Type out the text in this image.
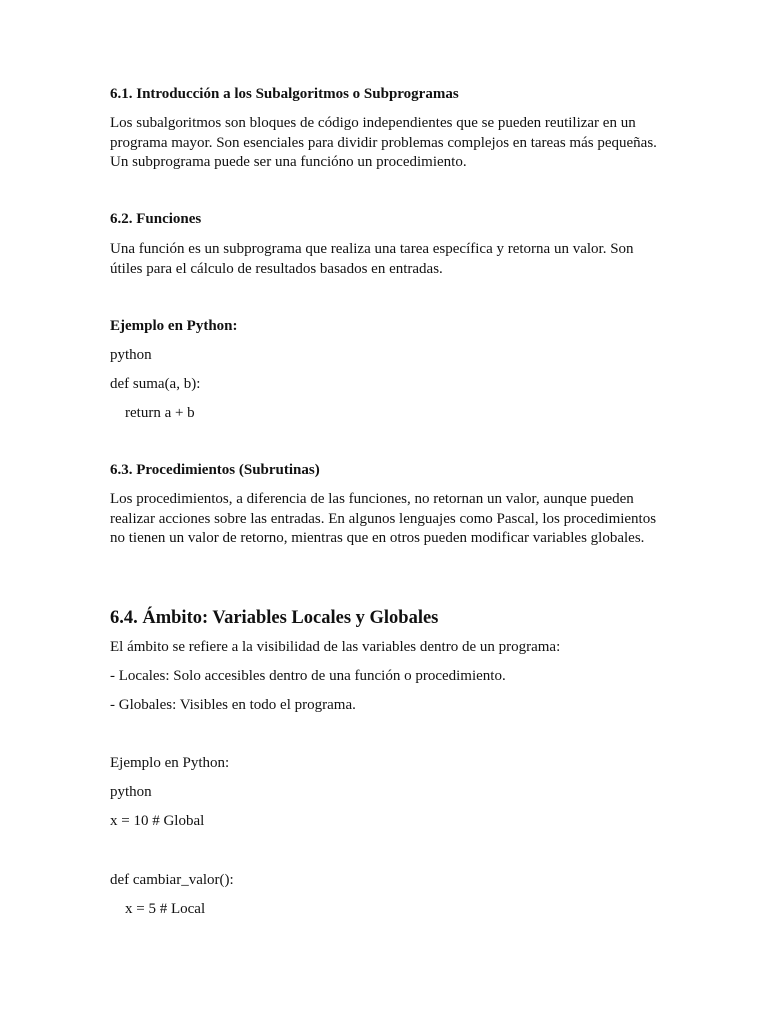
6.1. Introducción a los Subalgoritmos o Subprogramas

Los subalgoritmos son bloques de código independientes que se pueden reutilizar en un programa mayor. Son esenciales para dividir problemas complejos en tareas más pequeñas. Un subprograma puede ser una funcióno un procedimiento.

6.2. Funciones

Una función es un subprograma que realiza una tarea específica y retorna un valor. Son útiles para el cálculo de resultados basados en entradas.

Ejemplo en Python:

python

def suma(a, b):

return a + b

6.3. Procedimientos (Subrutinas)

Los procedimientos, a diferencia de las funciones, no retornan un valor, aunque pueden realizar acciones sobre las entradas. En algunos lenguajes como Pascal, los procedimientos no tienen un valor de retorno, mientras que en otros pueden modificar variables globales.

6.4. Ámbito: Variables Locales y Globales

El ámbito se refiere a la visibilidad de las variables dentro de un programa:

- Locales: Solo accesibles dentro de una función o procedimiento.

- Globales: Visibles en todo el programa.

Ejemplo en Python:

python

x = 10 # Global

def cambiar_valor():

x = 5 # Local
